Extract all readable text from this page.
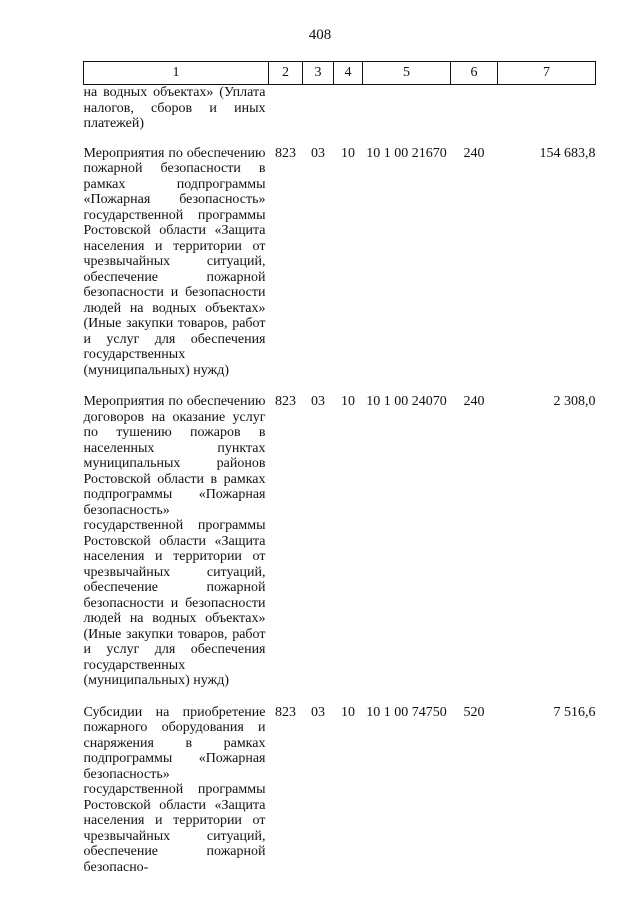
408
1	2	3	4	5	6	7
на водных объектах» (Уплата налогов, сборов и иных платежей)						
Мероприятия по обеспечению пожарной безопасности в рамках подпрограммы «Пожарная безопасность» государственной программы Ростовской области «Защита населения и территории от чрезвычайных ситуаций, обеспечение пожарной безопасности и безопасности людей на водных объектах» (Иные закупки товаров, работ и услуг для обеспечения государственных (муниципальных) нужд)	823	03	10	10 1 00 21670	240	154 683,8
Мероприятия по обеспечению договоров на оказание услуг по тушению пожаров в населенных пунктах муниципальных районов Ростовской области в рамках подпрограммы «Пожарная безопасность» государственной программы Ростовской области «Защита населения и территории от чрезвычайных ситуаций, обеспечение пожарной безопасности и безопасности людей на водных объектах» (Иные закупки товаров, работ и услуг для обеспечения государственных (муниципальных) нужд)	823	03	10	10 1 00 24070	240	2 308,0
Субсидии на приобретение пожарного оборудования и снаряжения в рамках подпрограммы «Пожарная безопасность» государственной программы Ростовской области «Защита населения и территории от чрезвычайных ситуаций, обеспечение пожарной безопасно-	823	03	10	10 1 00 74750	520	7 516,6
